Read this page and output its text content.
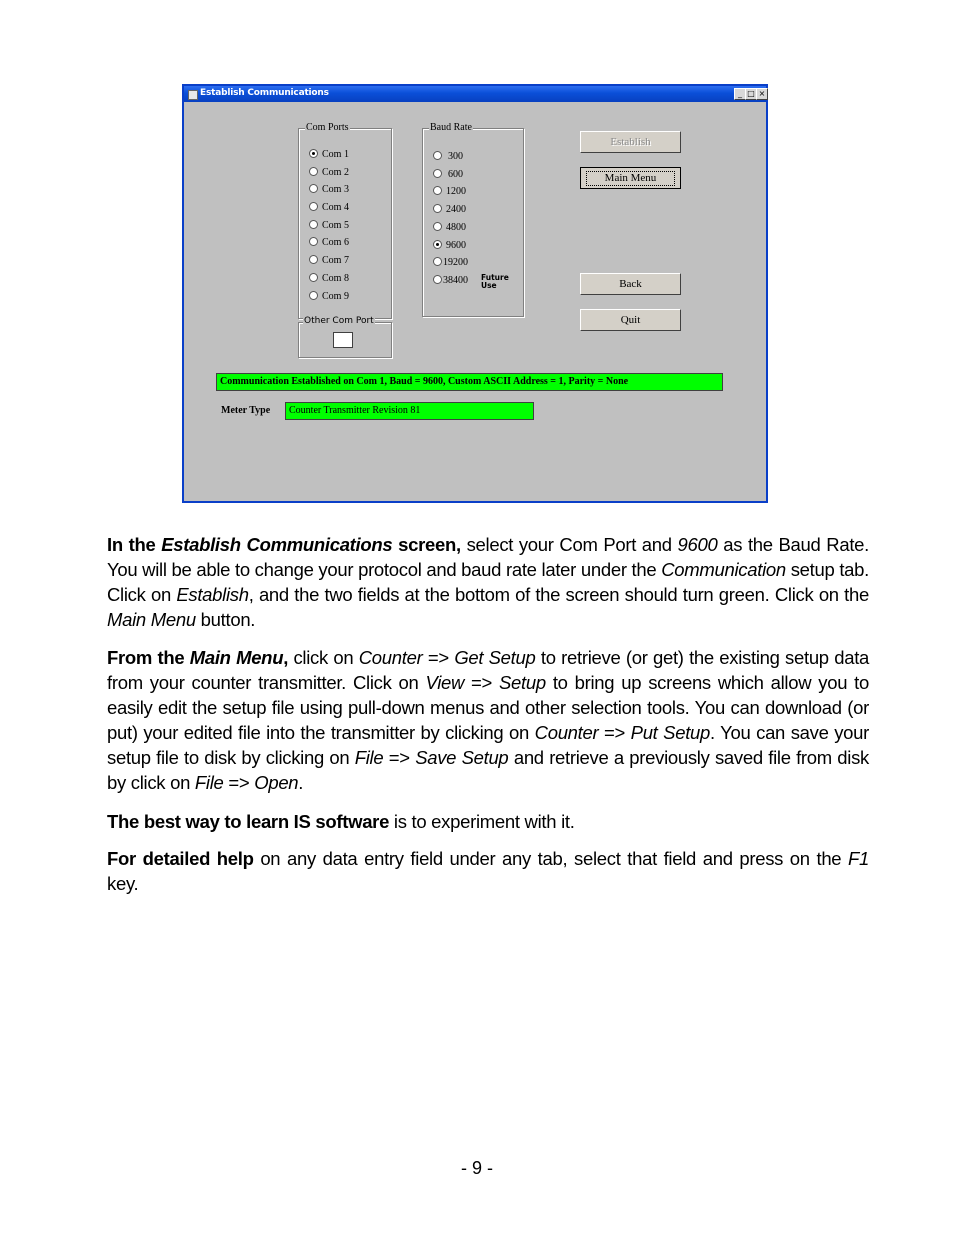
Establish Communications	_ □ ×
Com Ports
Com 1
Com 2
Com 3
Com 4
Com 5
Com 6
Com 7
Com 8
Com 9
Baud Rate
300
600
1200
2400
4800
9600
19200
38400 Future Use
Other Com Port
Establish
Main Menu
Back
Quit
Communication Established on Com 1, Baud = 9600, Custom ASCII Address = 1, Parity = None
Meter Type	Counter Transmitter Revision 81
In the Establish Communications screen, select your Com Port and 9600 as the Baud Rate. You will be able to change your protocol and baud rate later under the Communication setup tab. Click on Establish, and the two fields at the bottom of the screen should turn green. Click on the Main Menu button.
From the Main Menu, click on Counter => Get Setup to retrieve (or get) the existing setup data from your counter transmitter. Click on View => Setup to bring up screens which allow you to easily edit the setup file using pull-down menus and other selection tools. You can download (or put) your edited file into the transmitter by clicking on Counter => Put Setup. You can save your setup file to disk by clicking on File => Save Setup and retrieve a previously saved file from disk by click on File => Open.
The best way to learn IS software is to experiment with it.
For detailed help on any data entry field under any tab, select that field and press on the F1 key.
- 9 -
